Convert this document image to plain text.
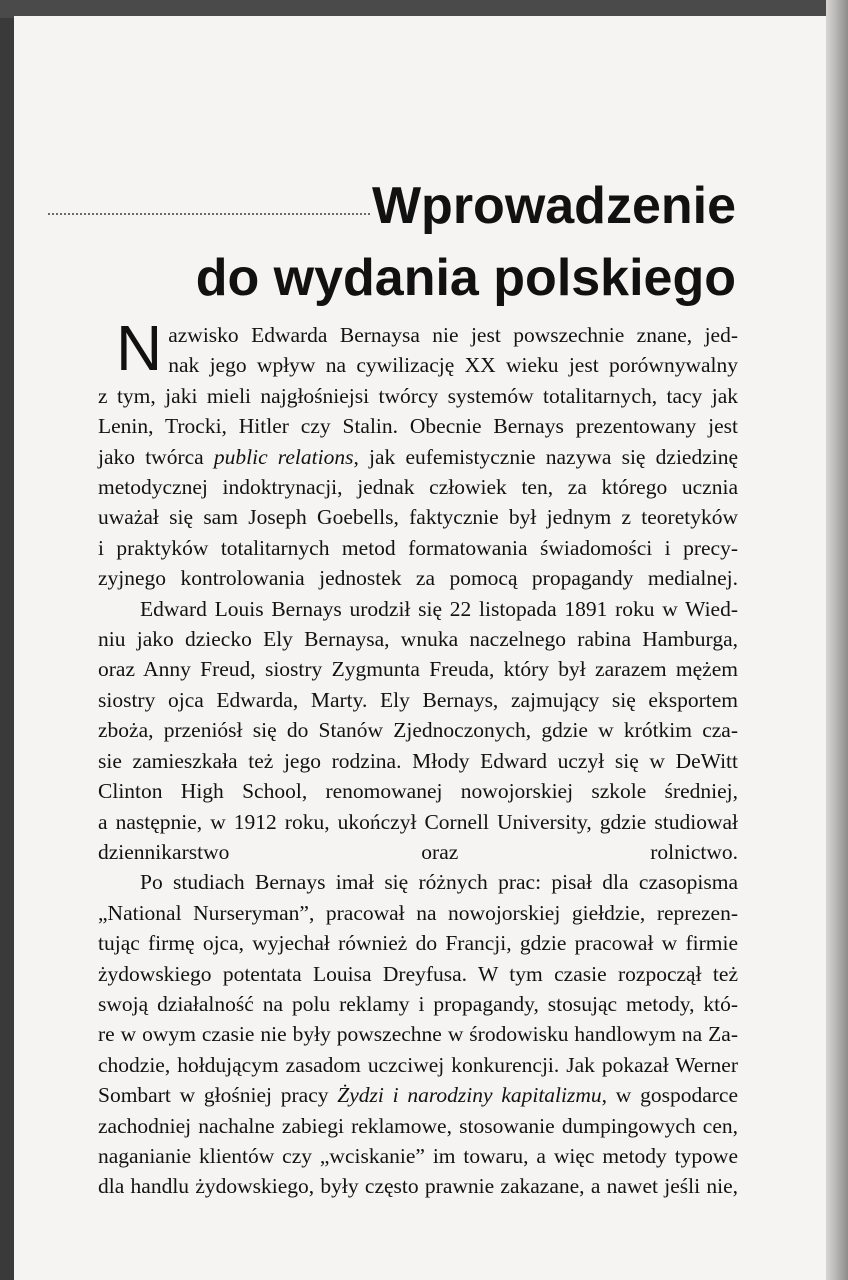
Wprowadzenie
do wydania polskiego

N azwisko Edwarda Bernaysa nie jest powszechnie znane, jed-
nak jego wpływ na cywilizację XX wieku jest porównywalny
z tym, jaki mieli najgłośniejsi twórcy systemów totalitarnych, tacy jak
Lenin, Trocki, Hitler czy Stalin. Obecnie Bernays prezentowany jest
jako twórca public relations, jak eufemistycznie nazywa się dziedzinę
metodycznej indoktrynacji, jednak człowiek ten, za którego ucznia
uważał się sam Joseph Goebells, faktycznie był jednym z teoretyków
i praktyków totalitarnych metod formatowania świadomości i precy-
zyjnego kontrolowania jednostek za pomocą propagandy medialnej.

Edward Louis Bernays urodził się 22 listopada 1891 roku w Wied-
niu jako dziecko Ely Bernaysa, wnuka naczelnego rabina Hamburga,
oraz Anny Freud, siostry Zygmunta Freuda, który był zarazem mężem
siostry ojca Edwarda, Marty. Ely Bernays, zajmujący się eksportem
zboża, przeniósł się do Stanów Zjednoczonych, gdzie w krótkim cza-
sie zamieszkała też jego rodzina. Młody Edward uczył się w DeWitt
Clinton High School, renomowanej nowojorskiej szkole średniej,
a następnie, w 1912 roku, ukończył Cornell University, gdzie studiował
dziennikarstwo oraz rolnictwo.

Po studiach Bernays imał się różnych prac: pisał dla czasopisma
„National Nurseryman”, pracował na nowojorskiej giełdzie, reprezen-
tując firmę ojca, wyjechał również do Francji, gdzie pracował w firmie
żydowskiego potentata Louisa Dreyfusa. W tym czasie rozpoczął też
swoją działalność na polu reklamy i propagandy, stosując metody, któ-
re w owym czasie nie były powszechne w środowisku handlowym na Za-
chodzie, hołdującym zasadom uczciwej konkurencji. Jak pokazał Werner
Sombart w głośniej pracy Żydzi i narodziny kapitalizmu, w gospodarce
zachodniej nachalne zabiegi reklamowe, stosowanie dumpingowych cen,
naganianie klientów czy „wciskanie” im towaru, a więc metody typowe
dla handlu żydowskiego, były często prawnie zakazane, a nawet jeśli nie,
